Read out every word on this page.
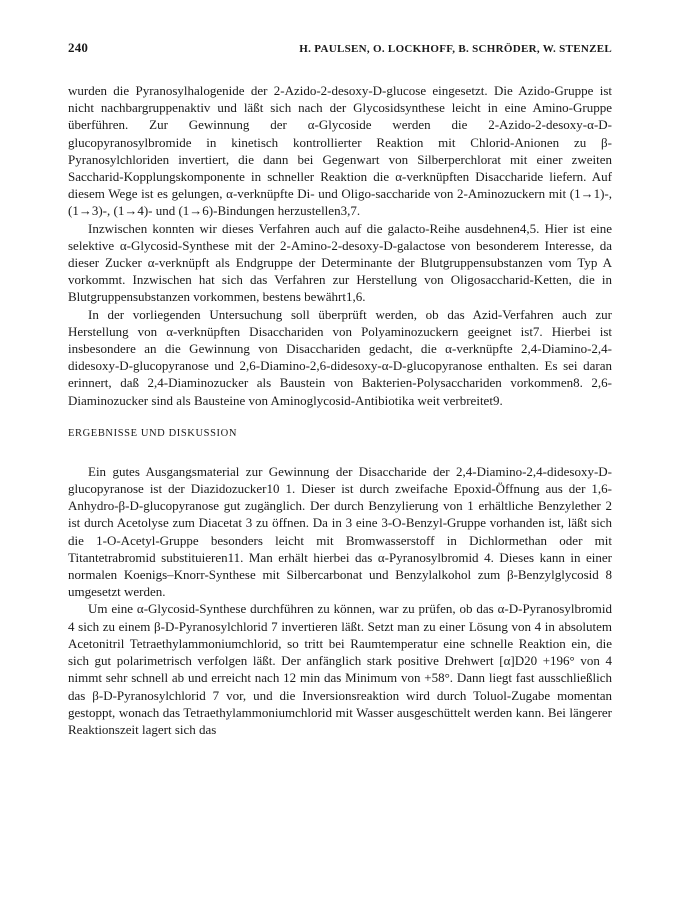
240	H. PAULSEN, O. LOCKHOFF, B. SCHRÖDER, W. STENZEL

wurden die Pyranosylhalogenide der 2-Azido-2-desoxy-D-glucose eingesetzt. Die Azido-Gruppe ist nicht nachbargruppenaktiv und läßt sich nach der Glycosidsynthese leicht in eine Amino-Gruppe überführen. Zur Gewinnung der α-Glycoside werden die 2-Azido-2-desoxy-α-D-glucopyranosylbromide in kinetisch kontrollierter Reaktion mit Chlorid-Anionen zu β-Pyranosylchloriden invertiert, die dann bei Gegenwart von Silberperchlorat mit einer zweiten Saccharid-Kopplungskomponente in schneller Reaktion die α-verknüpften Disaccharide liefern. Auf diesem Wege ist es gelungen, α-verknüpfte Di- und Oligo-saccharide von 2-Aminozuckern mit (1→1)-, (1→3)-, (1→4)- und (1→6)-Bindungen herzustellen3,7.

Inzwischen konnten wir dieses Verfahren auch auf die galacto-Reihe ausdehnen4,5. Hier ist eine selektive α-Glycosid-Synthese mit der 2-Amino-2-desoxy-D-galactose von besonderem Interesse, da dieser Zucker α-verknüpft als Endgruppe der Determinante der Blutgruppensubstanzen vom Typ A vorkommt. Inzwischen hat sich das Verfahren zur Herstellung von Oligosaccharid-Ketten, die in Blutgruppensubstanzen vorkommen, bestens bewährt1,6.

In der vorliegenden Untersuchung soll überprüft werden, ob das Azid-Verfahren auch zur Herstellung von α-verknüpften Disacchariden von Polyaminozuckern geeignet ist7. Hierbei ist insbesondere an die Gewinnung von Disacchariden gedacht, die α-verknüpfte 2,4-Diamino-2,4-didesoxy-D-glucopyranose und 2,6-Diamino-2,6-didesoxy-α-D-glucopyranose enthalten. Es sei daran erinnert, daß 2,4-Diaminozucker als Baustein von Bakterien-Polysacchariden vorkommen8. 2,6-Diaminozucker sind als Bausteine von Aminoglycosid-Antibiotika weit verbreitet9.

ERGEBNISSE UND DISKUSSION

Ein gutes Ausgangsmaterial zur Gewinnung der Disaccharide der 2,4-Diamino-2,4-didesoxy-D-glucopyranose ist der Diazidozucker10 1. Dieser ist durch zweifache Epoxid-Öffnung aus der 1,6-Anhydro-β-D-glucopyranose gut zugänglich. Der durch Benzylierung von 1 erhältliche Benzylether 2 ist durch Acetolyse zum Diacetat 3 zu öffnen. Da in 3 eine 3-O-Benzyl-Gruppe vorhanden ist, läßt sich die 1-O-Acetyl-Gruppe besonders leicht mit Bromwasserstoff in Dichlormethan oder mit Titantetrabromid substituieren11. Man erhält hierbei das α-Pyranosylbromid 4. Dieses kann in einer normalen Koenigs–Knorr-Synthese mit Silbercarbonat und Benzylalkohol zum β-Benzylglycosid 8 umgesetzt werden.

Um eine α-Glycosid-Synthese durchführen zu können, war zu prüfen, ob das α-D-Pyranosylbromid 4 sich zu einem β-D-Pyranosylchlorid 7 invertieren läßt. Setzt man zu einer Lösung von 4 in absolutem Acetonitril Tetraethylammoniumchlorid, so tritt bei Raumtemperatur eine schnelle Reaktion ein, die sich gut polarimetrisch verfolgen läßt. Der anfänglich stark positive Drehwert [α]D20 +196° von 4 nimmt sehr schnell ab und erreicht nach 12 min das Minimum von +58°. Dann liegt fast ausschließlich das β-D-Pyranosylchlorid 7 vor, und die Inversionsreaktion wird durch Toluol-Zugabe momentan gestoppt, wonach das Tetraethylammoniumchlorid mit Wasser ausgeschüttelt werden kann. Bei längerer Reaktionszeit lagert sich das
